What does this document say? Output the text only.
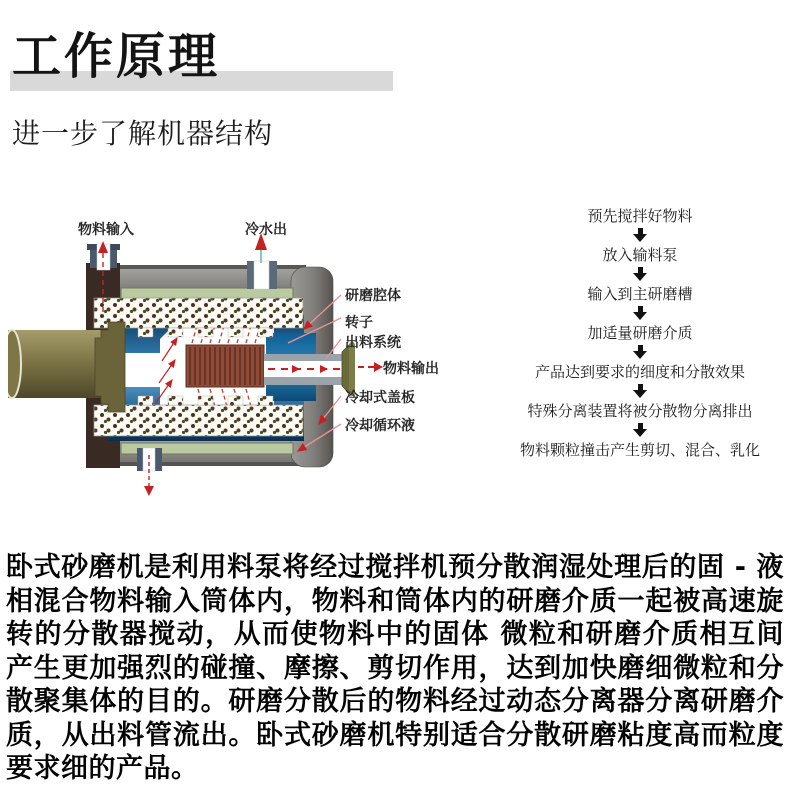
工作原理
进一步了解机器结构
物料输入	冷水出
研磨腔体
转子
出料系统
物料输出
冷却式盖板
冷却循环液
预先搅拌好物料
放入输料泵
输入到主研磨槽
加适量研磨介质
产品达到要求的细度和分散效果
特殊分离装置将被分散物分离排出
物料颗粒撞击产生剪切、混合、乳化

卧式砂磨机是利用料泵将经过搅拌机预分散润湿处理后的固 - 液相混合物料输入筒体内，物料和筒体内的研磨介质一起被高速旋转的分散器搅动，从而使物料中的固体 微粒和研磨介质相互间产生更加强烈的碰撞、摩擦、剪切作用，达到加快磨细微粒和分散聚集体的目的。研磨分散后的物料经过动态分离器分离研磨介质，从出料管流出。卧式砂磨机特别适合分散研磨粘度高而粒度要求细的产品。
